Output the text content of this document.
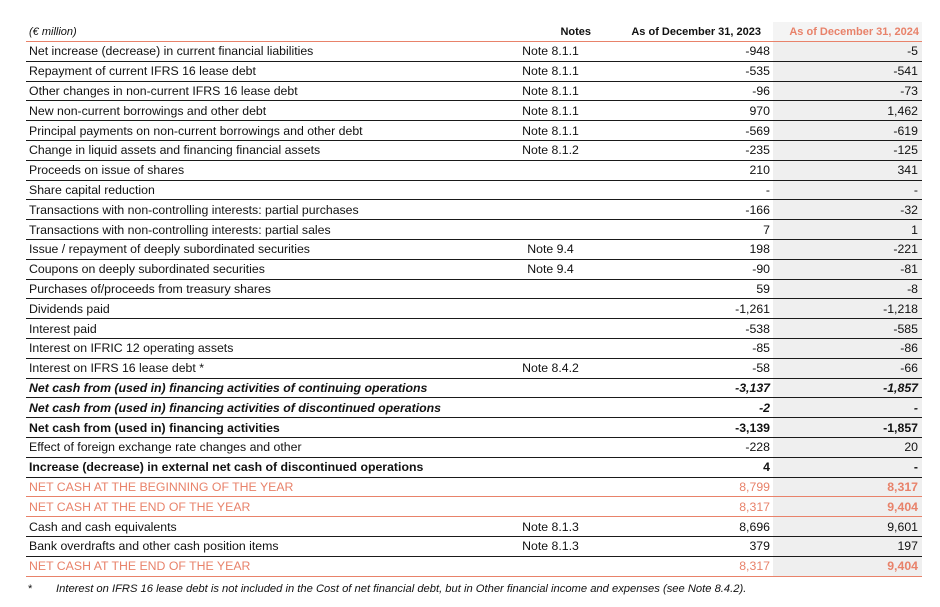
(€ million)	Notes	As of December 31, 2023	As of December 31, 2024
Net increase (decrease) in current financial liabilities	Note 8.1.1	-948	-5
Repayment of current IFRS 16 lease debt	Note 8.1.1	-535	-541
Other changes in non-current IFRS 16 lease debt	Note 8.1.1	-96	-73
New non-current borrowings and other debt	Note 8.1.1	970	1,462
Principal payments on non-current borrowings and other debt	Note 8.1.1	-569	-619
Change in liquid assets and financing financial assets	Note 8.1.2	-235	-125
Proceeds on issue of shares		210	341
Share capital reduction		-	-
Transactions with non-controlling interests: partial purchases		-166	-32
Transactions with non-controlling interests: partial sales		7	1
Issue / repayment of deeply subordinated securities	Note 9.4	198	-221
Coupons on deeply subordinated securities	Note 9.4	-90	-81
Purchases of/proceeds from treasury shares		59	-8
Dividends paid		-1,261	-1,218
Interest paid		-538	-585
Interest on IFRIC 12 operating assets		-85	-86
Interest on IFRS 16 lease debt *	Note 8.4.2	-58	-66
Net cash from (used in) financing activities of continuing operations		-3,137	-1,857
Net cash from (used in) financing activities of discontinued operations		-2	-
Net cash from (used in) financing activities		-3,139	-1,857
Effect of foreign exchange rate changes and other		-228	20
Increase (decrease) in external net cash of discontinued operations		4	-
NET CASH AT THE BEGINNING OF THE YEAR		8,799	8,317
NET CASH AT THE END OF THE YEAR		8,317	9,404
Cash and cash equivalents	Note 8.1.3	8,696	9,601
Bank overdrafts and other cash position items	Note 8.1.3	379	197
NET CASH AT THE END OF THE YEAR		8,317	9,404
*	Interest on IFRS 16 lease debt is not included in the Cost of net financial debt, but in Other financial income and expenses (see Note 8.4.2).
